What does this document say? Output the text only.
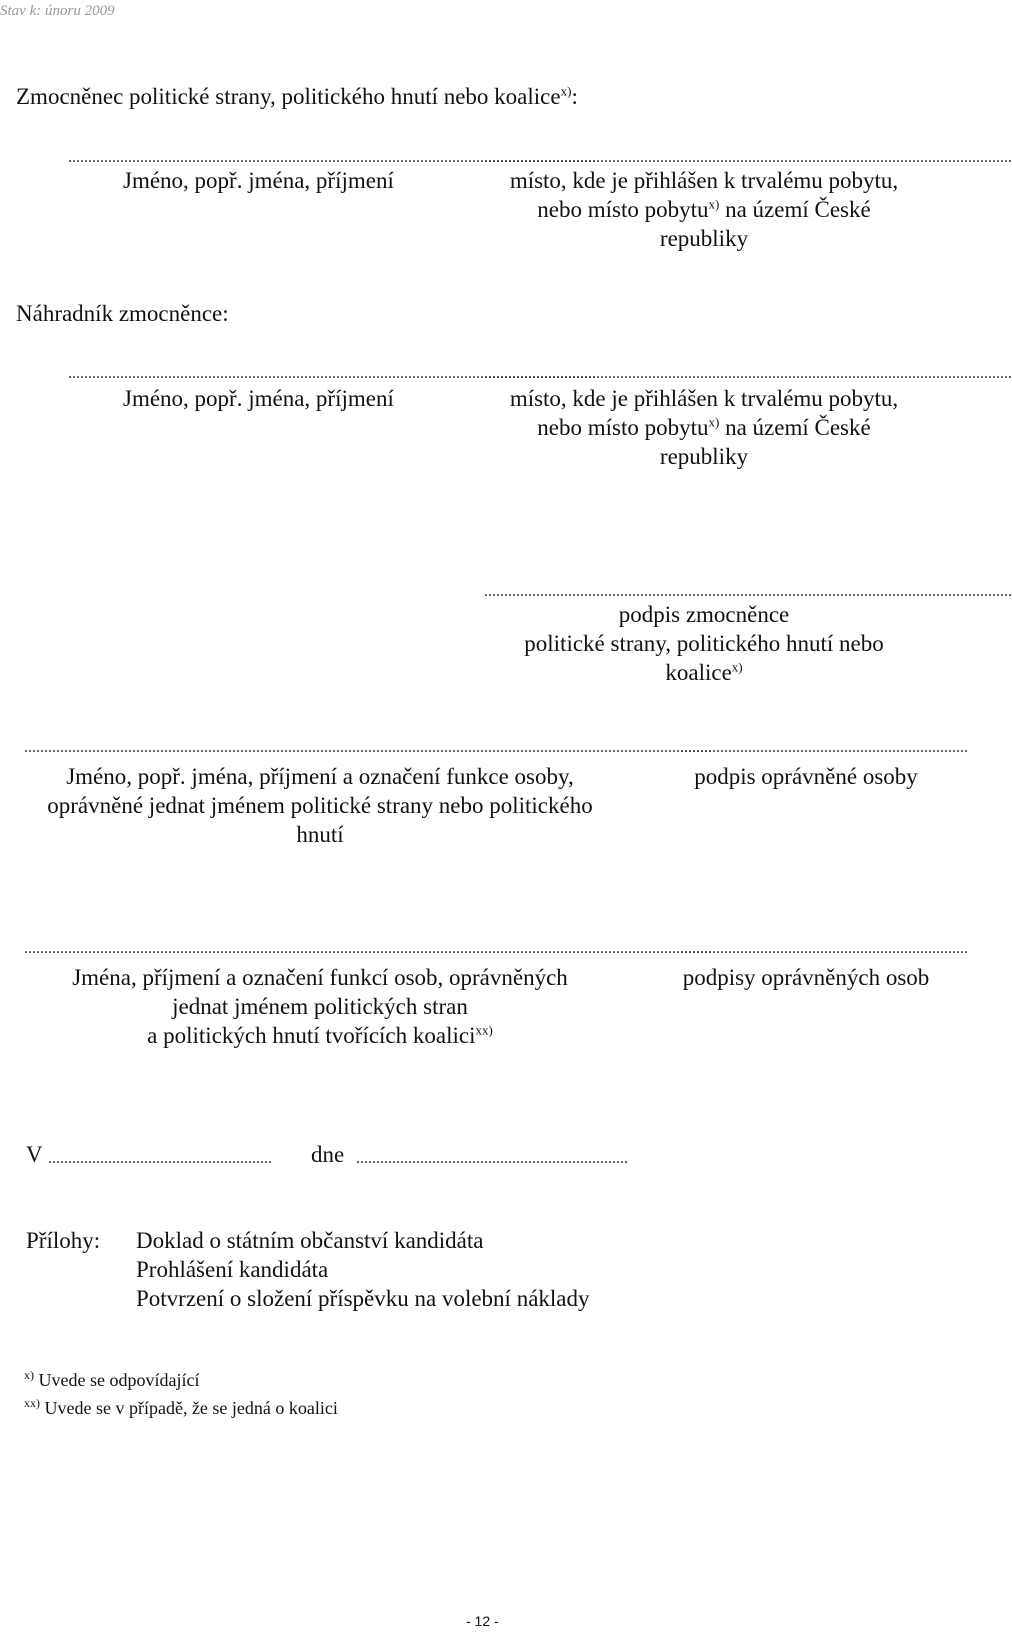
Stav k: únoru 2009
Zmocněnec politické strany, politického hnutí nebo koalice$^{x)}$:
....................................................................................................................................
....................................................................................................................................
Jméno, popř. jména, příjmení	místo, kde je přihlášen k trvalému pobytu,
nebo místo pobytu$^{x)}$ na území České
republiky
Náhradník zmocněnce:
....................................................................................................................................
....................................................................................................................................
Jméno, popř. jména, příjmení	místo, kde je přihlášen k trvalému pobytu,
nebo místo pobytu$^{x)}$ na území České
republiky
....................................................................................................................................
podpis zmocněnce
politické strany, politického hnutí nebo
koalice$^{x)}$
............................................................................................................................................................................
........................................................................
Jméno, popř. jména, příjmení a označení funkce osoby,
oprávněné jednat jménem politické strany nebo politického
hnutí
podpis oprávněné osoby
............................................................................................................................................................................
........................................................................
Jména, příjmení a označení funkcí osob, oprávněných
jednat jménem politických stran
a politických hnutí tvořících koalici$^{xx)}$
podpisy oprávněných osob
V ........................................................ dne ....................................................................
Přílohy: Doklad o státním občanství kandidáta
Prohlášení kandidáta
Potvrzení o složení příspěvku na volební náklady
$^{x)}$ Uvede se odpovídající
$^{xx)}$ Uvede se v případě, že se jedná o koalici
- 12 -
